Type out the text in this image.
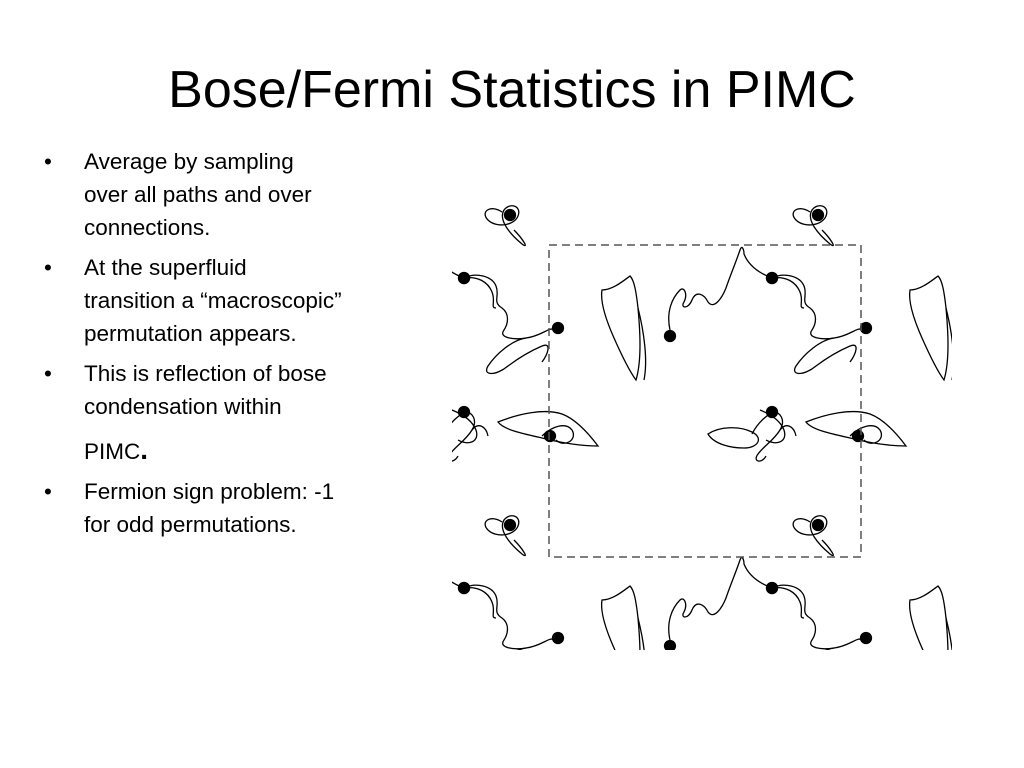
Bose/Fermi Statistics in PIMC
•	Average by sampling
over all paths and over
connections.
•	At the superfluid
transition a “macroscopic”
permutation appears.
•	This is reflection of bose
condensation within
PIMC.
•	Fermion sign problem: -1
for odd permutations.
